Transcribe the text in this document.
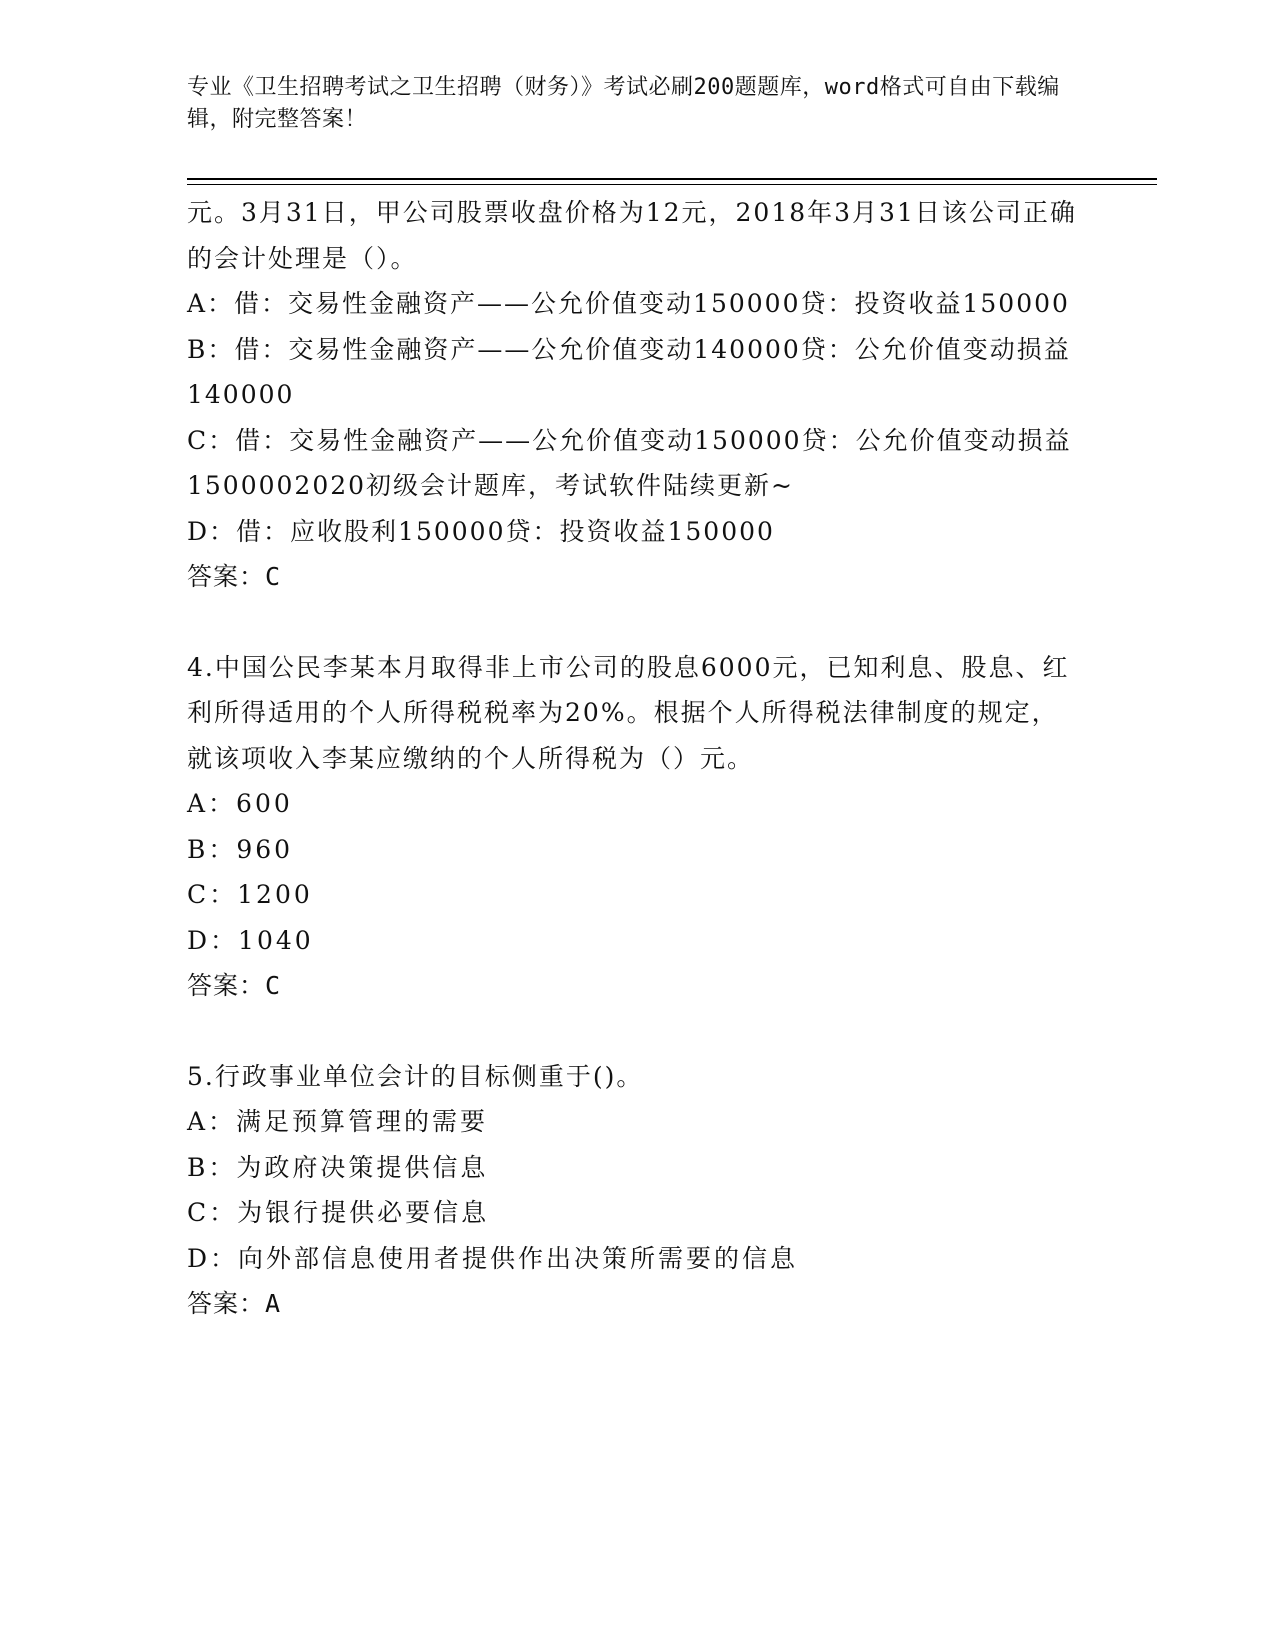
专业《卫生招聘考试之卫生招聘（财务）》考试必刷200题题库，word格式可自由下载编辑，附完整答案！

元。3月31日，甲公司股票收盘价格为12元，2018年3月31日该公司正确的会计处理是（）。

A：借：交易性金融资产——公允价值变动150000贷：投资收益150000

B：借：交易性金融资产——公允价值变动140000贷：公允价值变动损益140000

C：借：交易性金融资产——公允价值变动150000贷：公允价值变动损益1500002020初级会计题库，考试软件陆续更新~

D：借：应收股利150000贷：投资收益150000

答案：C

4.中国公民李某本月取得非上市公司的股息6000元，已知利息、股息、红利所得适用的个人所得税税率为20%。根据个人所得税法律制度的规定，就该项收入李某应缴纳的个人所得税为（）元。

A：600

B：960

C：1200

D：1040

答案：C

5.行政事业单位会计的目标侧重于()。

A：满足预算管理的需要

B：为政府决策提供信息

C：为银行提供必要信息

D：向外部信息使用者提供作出决策所需要的信息

答案：A
